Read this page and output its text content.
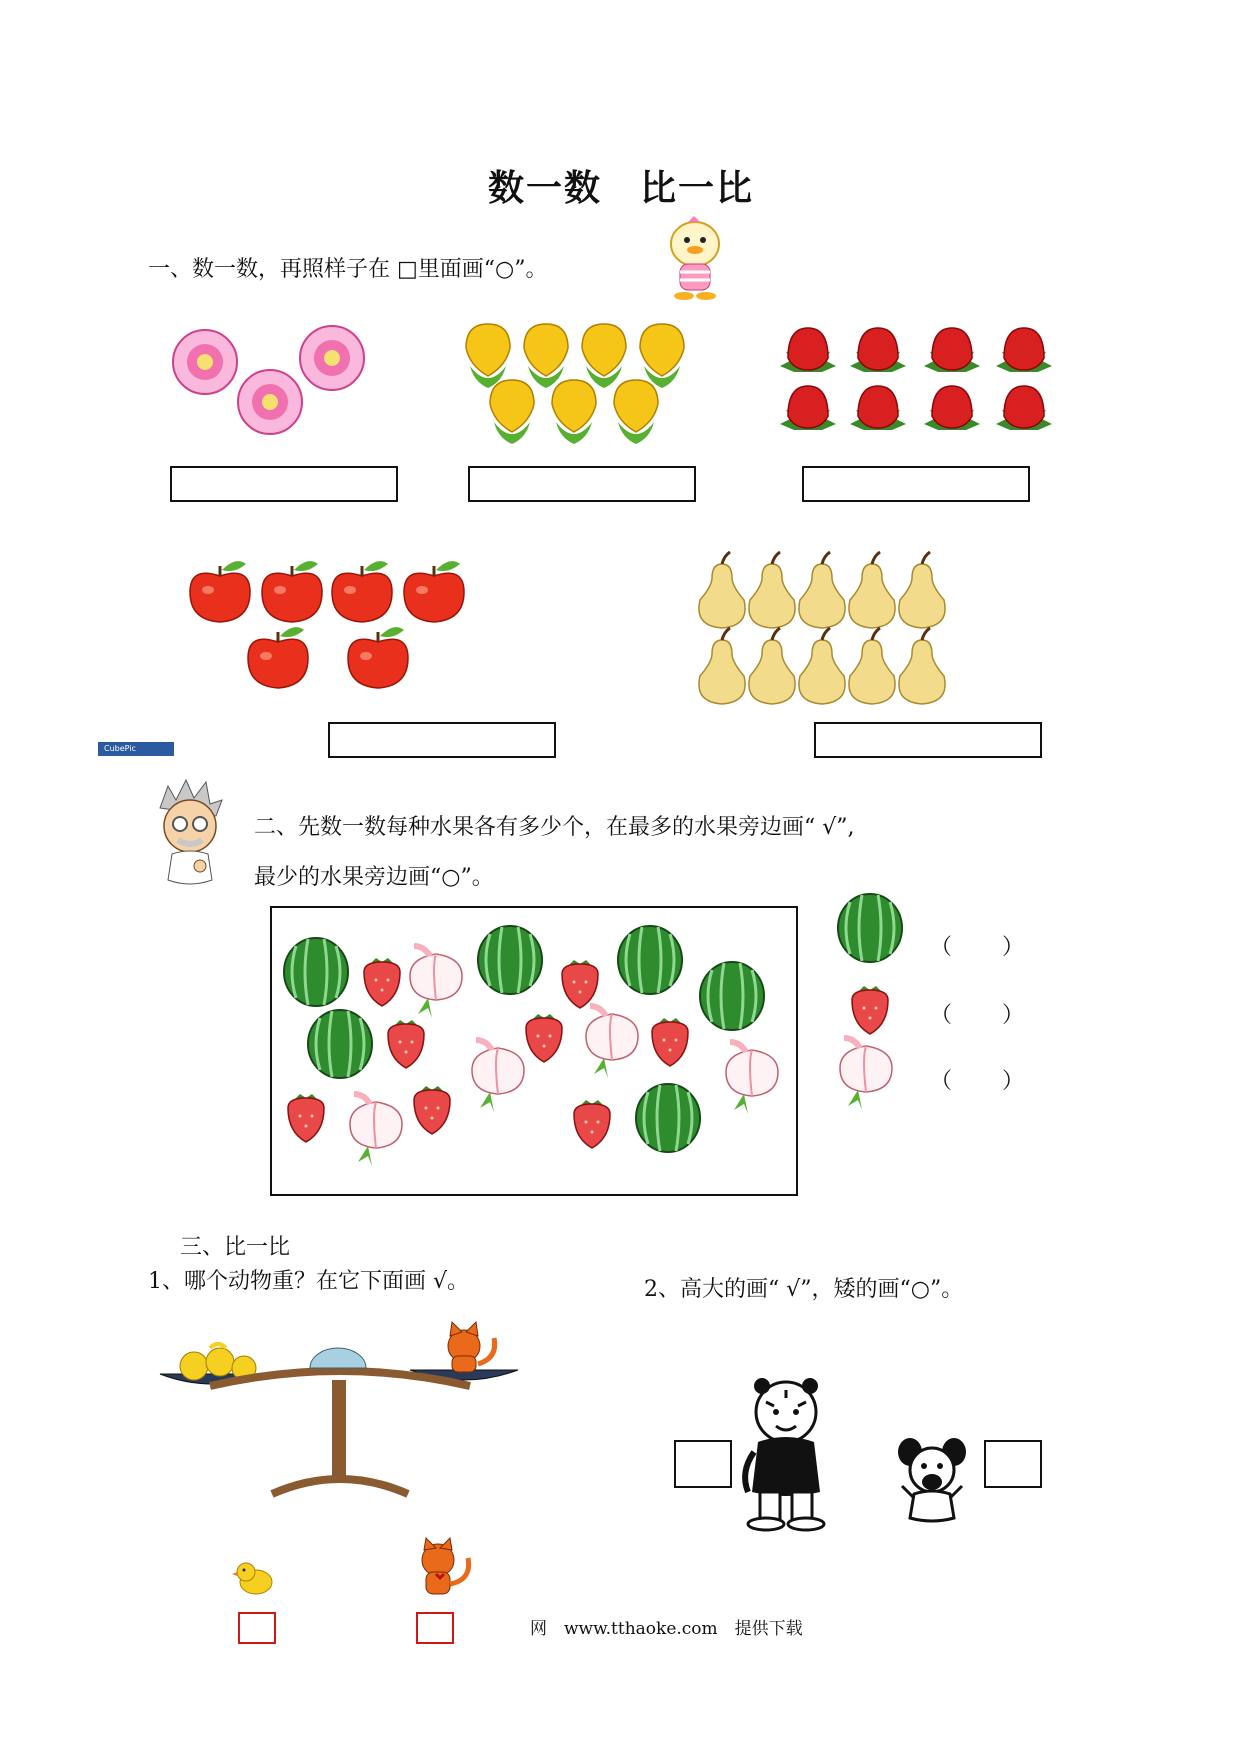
数一数　比一比
一、数一数，再照样子在 □里面画“○”。
CubePic
二、先数一数每种水果各有多少个，在最多的水果旁边画“ √”,
最少的水果旁边画“○”。
（ ）
（ ）
（ ）
三、比一比
1、哪个动物重？在它下面画 √。	2、高大的画“ √”，矮的画“○”。
网　www.tthaoke.com　提供下载
